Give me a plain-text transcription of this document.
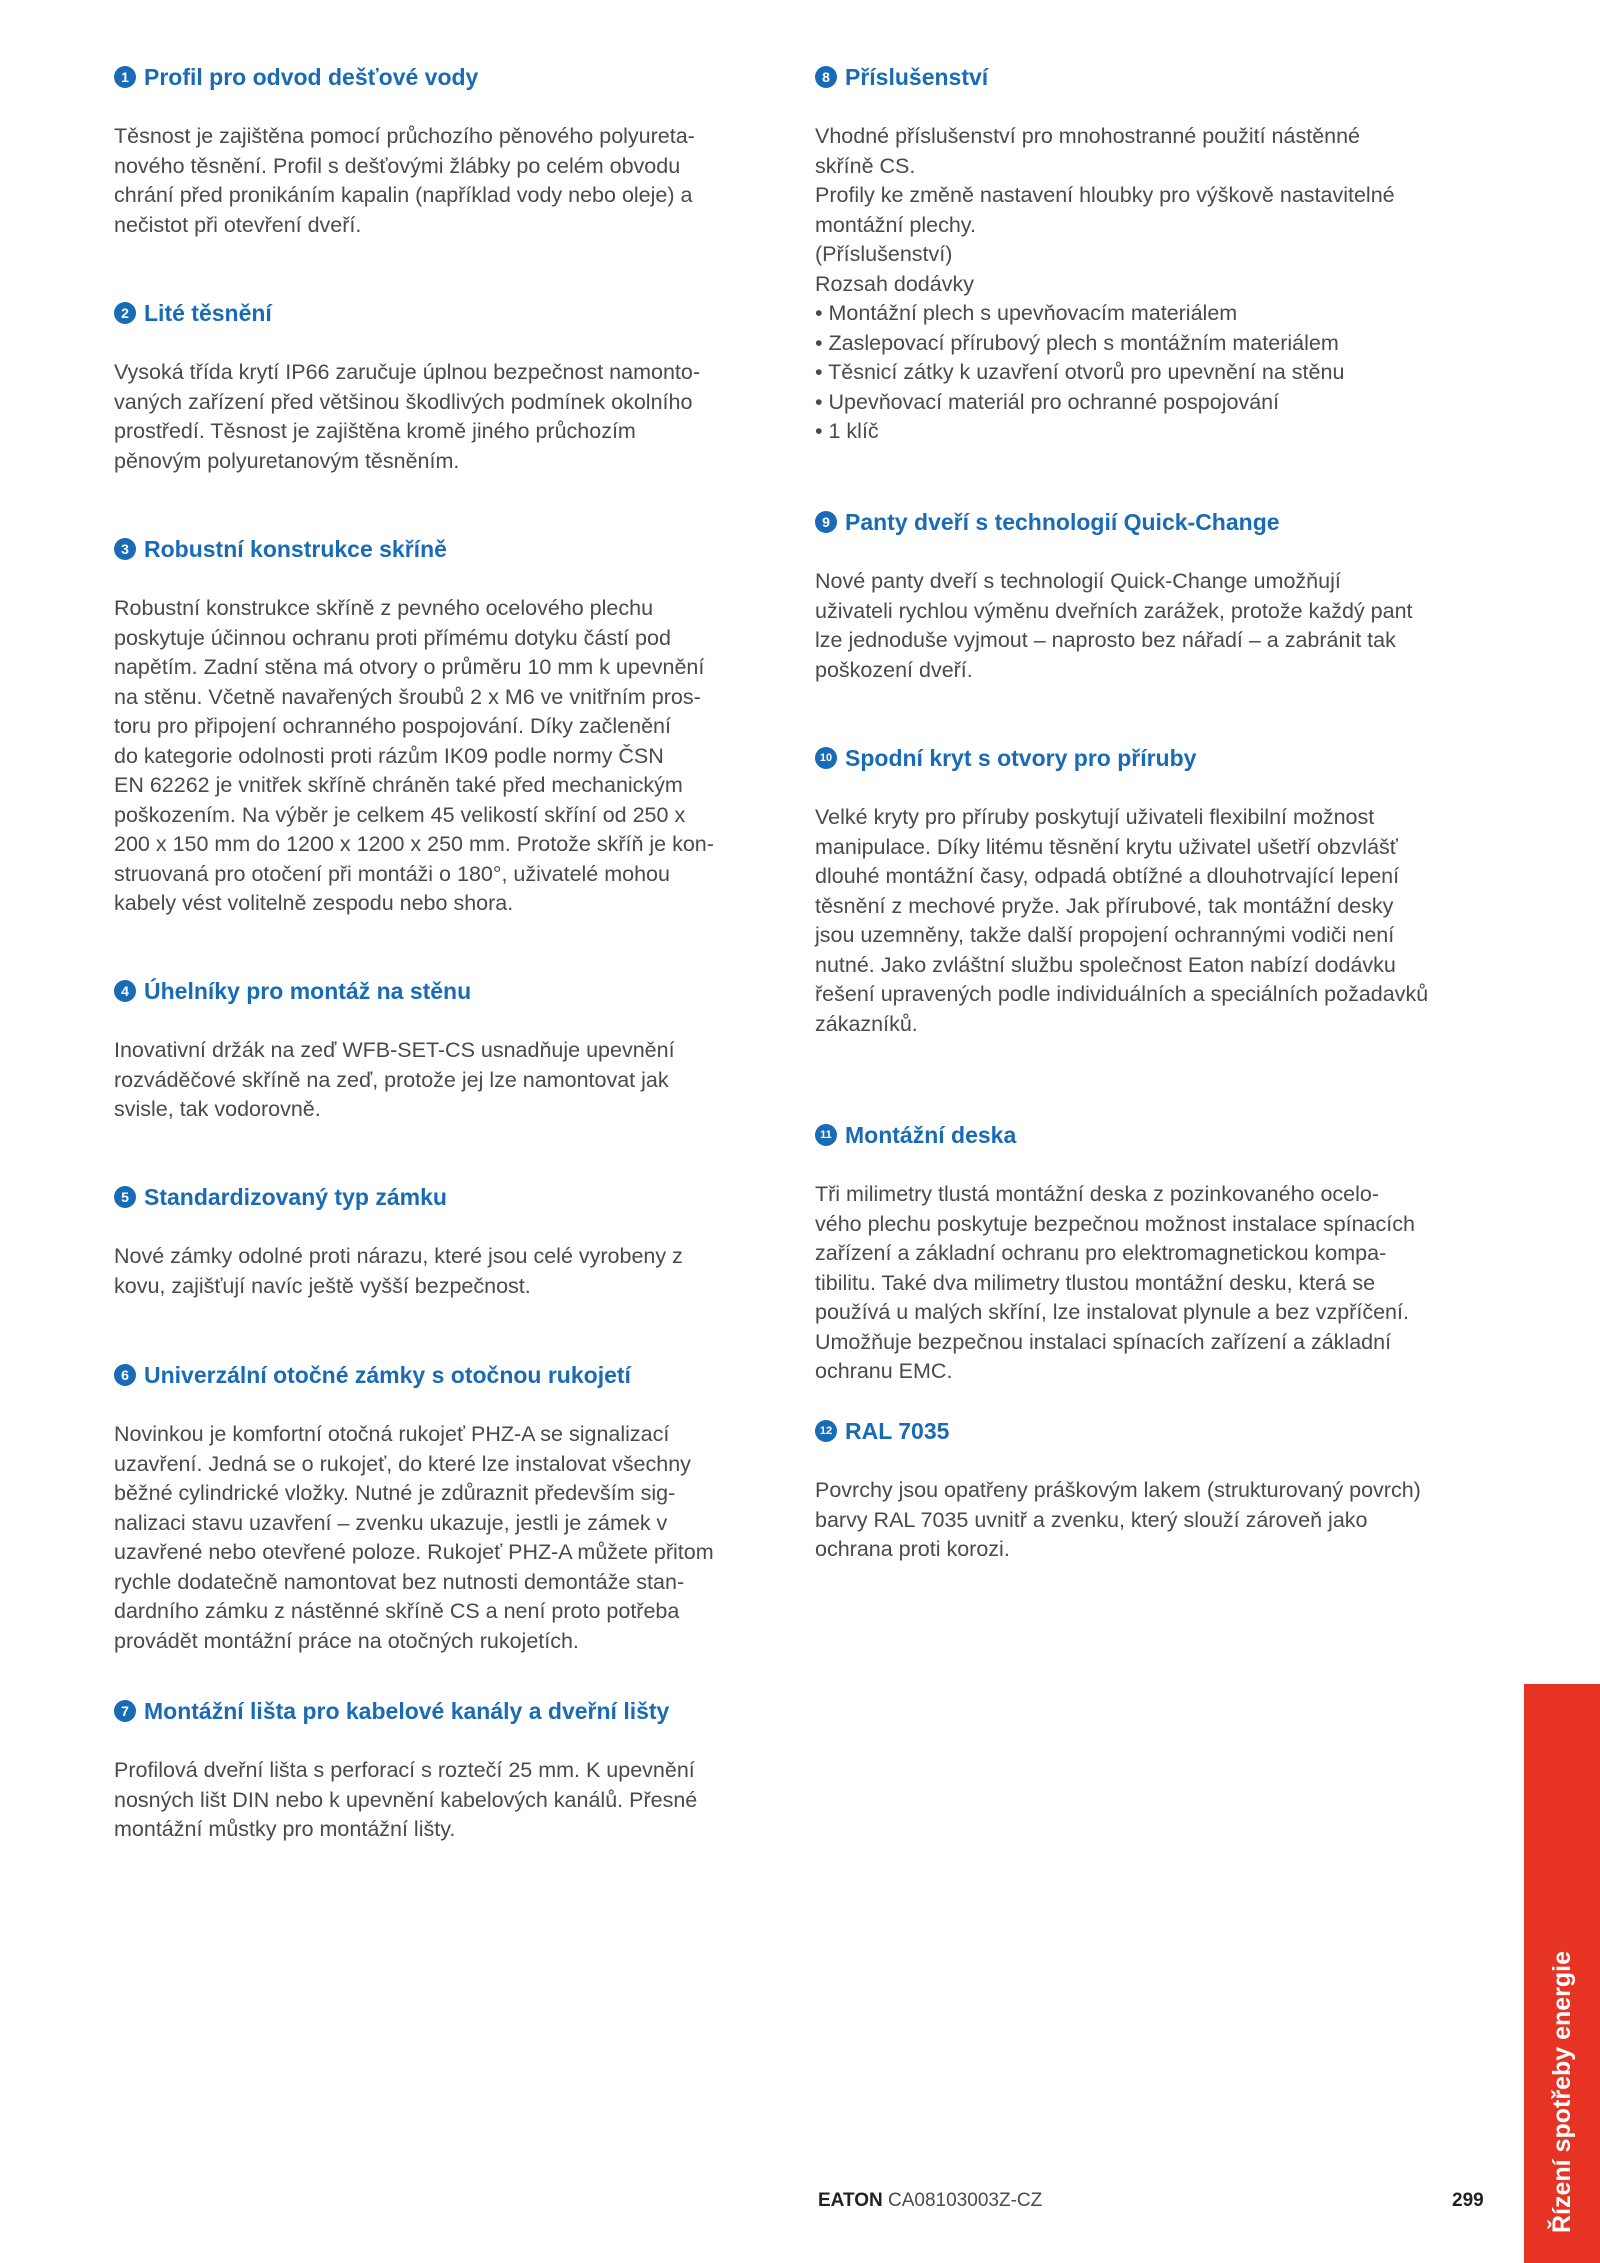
1 Profil pro odvod dešťové vody
Těsnost je zajištěna pomocí průchozího pěnového polyureta-
nového těsnění. Profil s dešťovými žlábky po celém obvodu
chrání před pronikáním kapalin (například vody nebo oleje) a
nečistot při otevření dveří.
2 Lité těsnění
Vysoká třída krytí IP66 zaručuje úplnou bezpečnost namonto-
vaných zařízení před většinou škodlivých podmínek okolního
prostředí. Těsnost je zajištěna kromě jiného průchozím
pěnovým polyuretanovým těsněním.
3 Robustní konstrukce skříně
Robustní konstrukce skříně z pevného ocelového plechu
poskytuje účinnou ochranu proti přímému dotyku částí pod
napětím. Zadní stěna má otvory o průměru 10 mm k upevnění
na stěnu. Včetně navařených šroubů 2 x M6 ve vnitřním pros-
toru pro připojení ochranného pospojování. Díky začlenění
do kategorie odolnosti proti rázům IK09 podle normy ČSN
EN 62262 je vnitřek skříně chráněn také před mechanickým
poškozením. Na výběr je celkem 45 velikostí skříní od 250 x
200 x 150 mm do 1200 x 1200 x 250 mm. Protože skříň je kon-
struovaná pro otočení při montáži o 180°, uživatelé mohou
kabely vést volitelně zespodu nebo shora.
4 Úhelníky pro montáž na stěnu
Inovativní držák na zeď WFB-SET-CS usnadňuje upevnění
rozváděčové skříně na zeď, protože jej lze namontovat jak
svisle, tak vodorovně.
5 Standardizovaný typ zámku
Nové zámky odolné proti nárazu, které jsou celé vyrobeny z
kovu, zajišťují navíc ještě vyšší bezpečnost.
6 Univerzální otočné zámky s otočnou rukojetí
Novinkou je komfortní otočná rukojeť PHZ-A se signalizací
uzavření. Jedná se o rukojeť, do které lze instalovat všechny
běžné cylindrické vložky. Nutné je zdůraznit především sig-
nalizaci stavu uzavření – zvenku ukazuje, jestli je zámek v
uzavřené nebo otevřené poloze. Rukojeť PHZ-A můžete přitom
rychle dodatečně namontovat bez nutnosti demontáže stan-
dardního zámku z nástěnné skříně CS a není proto potřeba
provádět montážní práce na otočných rukojetích.
7 Montážní lišta pro kabelové kanály a dveřní lišty
Profilová dveřní lišta s perforací s roztečí 25 mm. K upevnění
nosných lišt DIN nebo k upevnění kabelových kanálů. Přesné
montážní můstky pro montážní lišty.
8 Příslušenství
Vhodné příslušenství pro mnohostranné použití nástěnné
skříně CS.
Profily ke změně nastavení hloubky pro výškově nastavitelné
montážní plechy.
(Příslušenství)
Rozsah dodávky
• Montážní plech s upevňovacím materiálem
• Zaslepovací přírubový plech s montážním materiálem
• Těsnicí zátky k uzavření otvorů pro upevnění na stěnu
• Upevňovací materiál pro ochranné pospojování
• 1 klíč
9 Panty dveří s technologií Quick-Change
Nové panty dveří s technologií Quick-Change umožňují
uživateli rychlou výměnu dveřních zarážek, protože každý pant
lze jednoduše vyjmout – naprosto bez nářadí – a zabránit tak
poškození dveří.
10 Spodní kryt s otvory pro příruby
Velké kryty pro příruby poskytují uživateli flexibilní možnost
manipulace. Díky litému těsnění krytu uživatel ušetří obzvlášť
dlouhé montážní časy, odpadá obtížné a dlouhotrvající lepení
těsnění z mechové pryže. Jak přírubové, tak montážní desky
jsou uzemněny, takže další propojení ochrannými vodiči není
nutné. Jako zvláštní službu společnost Eaton nabízí dodávku
řešení upravených podle individuálních a speciálních požadavků
zákazníků.
11 Montážní deska
Tři milimetry tlustá montážní deska z pozinkovaného ocelo-
vého plechu poskytuje bezpečnou možnost instalace spínacích
zařízení a základní ochranu pro elektromagnetickou kompa-
tibilitu. Také dva milimetry tlustou montážní desku, která se
používá u malých skříní, lze instalovat plynule a bez vzpříčení.
Umožňuje bezpečnou instalaci spínacích zařízení a základní
ochranu EMC.
12 RAL 7035
Povrchy jsou opatřeny práškovým lakem (strukturovaný povrch)
barvy RAL 7035 uvnitř a zvenku, který slouží zároveň jako
ochrana proti korozi.
Řízení spotřeby energie
EATON CA08103003Z-CZ	299
